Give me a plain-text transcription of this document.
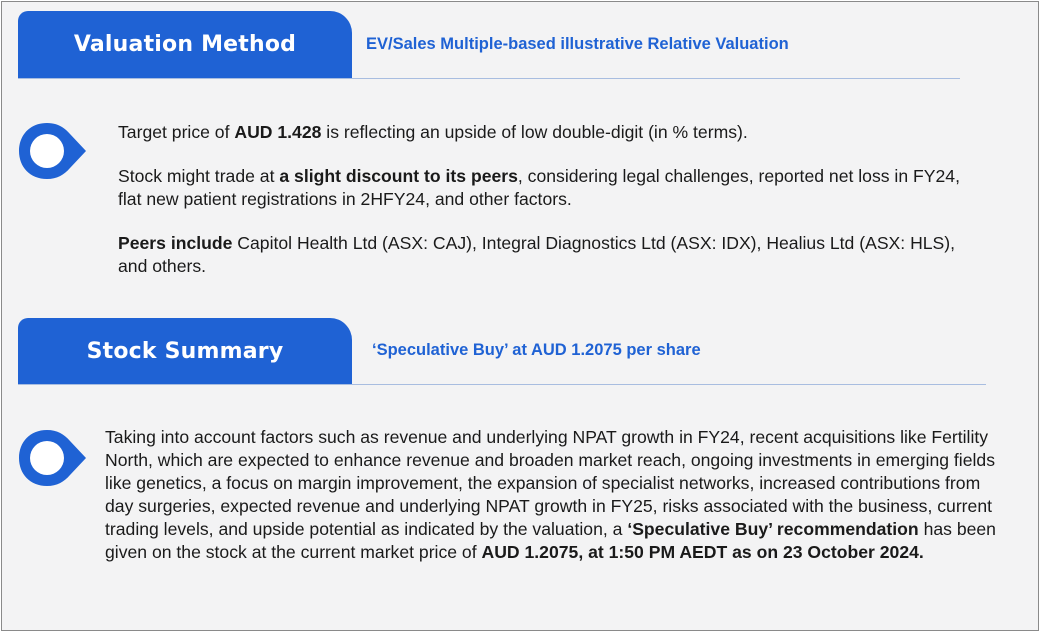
Valuation Method	EV/Sales Multiple-based illustrative Relative Valuation

Target price of AUD 1.428 is reflecting an upside of low double-digit (in % terms).

Stock might trade at a slight discount to its peers, considering legal challenges, reported net loss in FY24, flat new patient registrations in 2HFY24, and other factors.

Peers include Capitol Health Ltd (ASX: CAJ), Integral Diagnostics Ltd (ASX: IDX), Healius Ltd (ASX: HLS), and others.

Stock Summary	‘Speculative Buy’ at AUD 1.2075 per share

Taking into account factors such as revenue and underlying NPAT growth in FY24, recent acquisitions like Fertility North, which are expected to enhance revenue and broaden market reach, ongoing investments in emerging fields like genetics, a focus on margin improvement, the expansion of specialist networks, increased contributions from day surgeries, expected revenue and underlying NPAT growth in FY25, risks associated with the business, current trading levels, and upside potential as indicated by the valuation, a ‘Speculative Buy’ recommendation has been given on the stock at the current market price of AUD 1.2075, at 1:50 PM AEDT as on 23 October 2024.
